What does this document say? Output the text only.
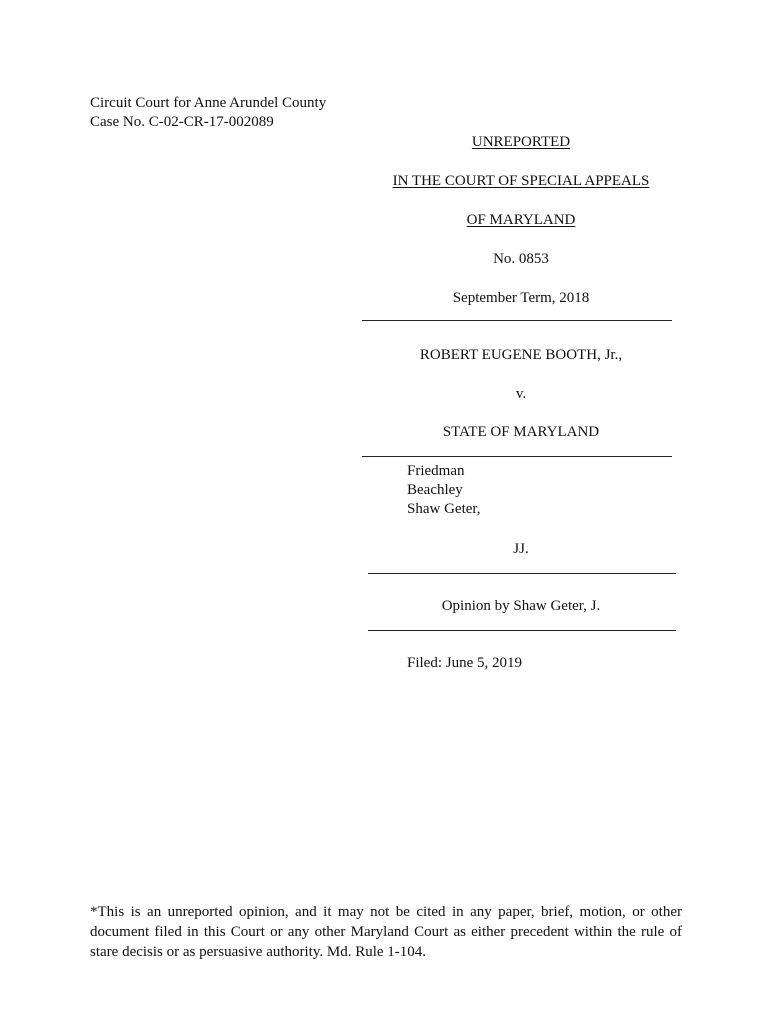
Circuit Court for Anne Arundel County
Case No. C-02-CR-17-002089
UNREPORTED
IN THE COURT OF SPECIAL APPEALS
OF MARYLAND
No. 0853
September Term, 2018
ROBERT EUGENE BOOTH, Jr.,
v.
STATE OF MARYLAND
Friedman
Beachley
Shaw Geter,
JJ.
Opinion by Shaw Geter, J.
Filed: June 5, 2019
*This is an unreported opinion, and it may not be cited in any paper, brief, motion, or other document filed in this Court or any other Maryland Court as either precedent within the rule of stare decisis or as persuasive authority. Md. Rule 1-104.
